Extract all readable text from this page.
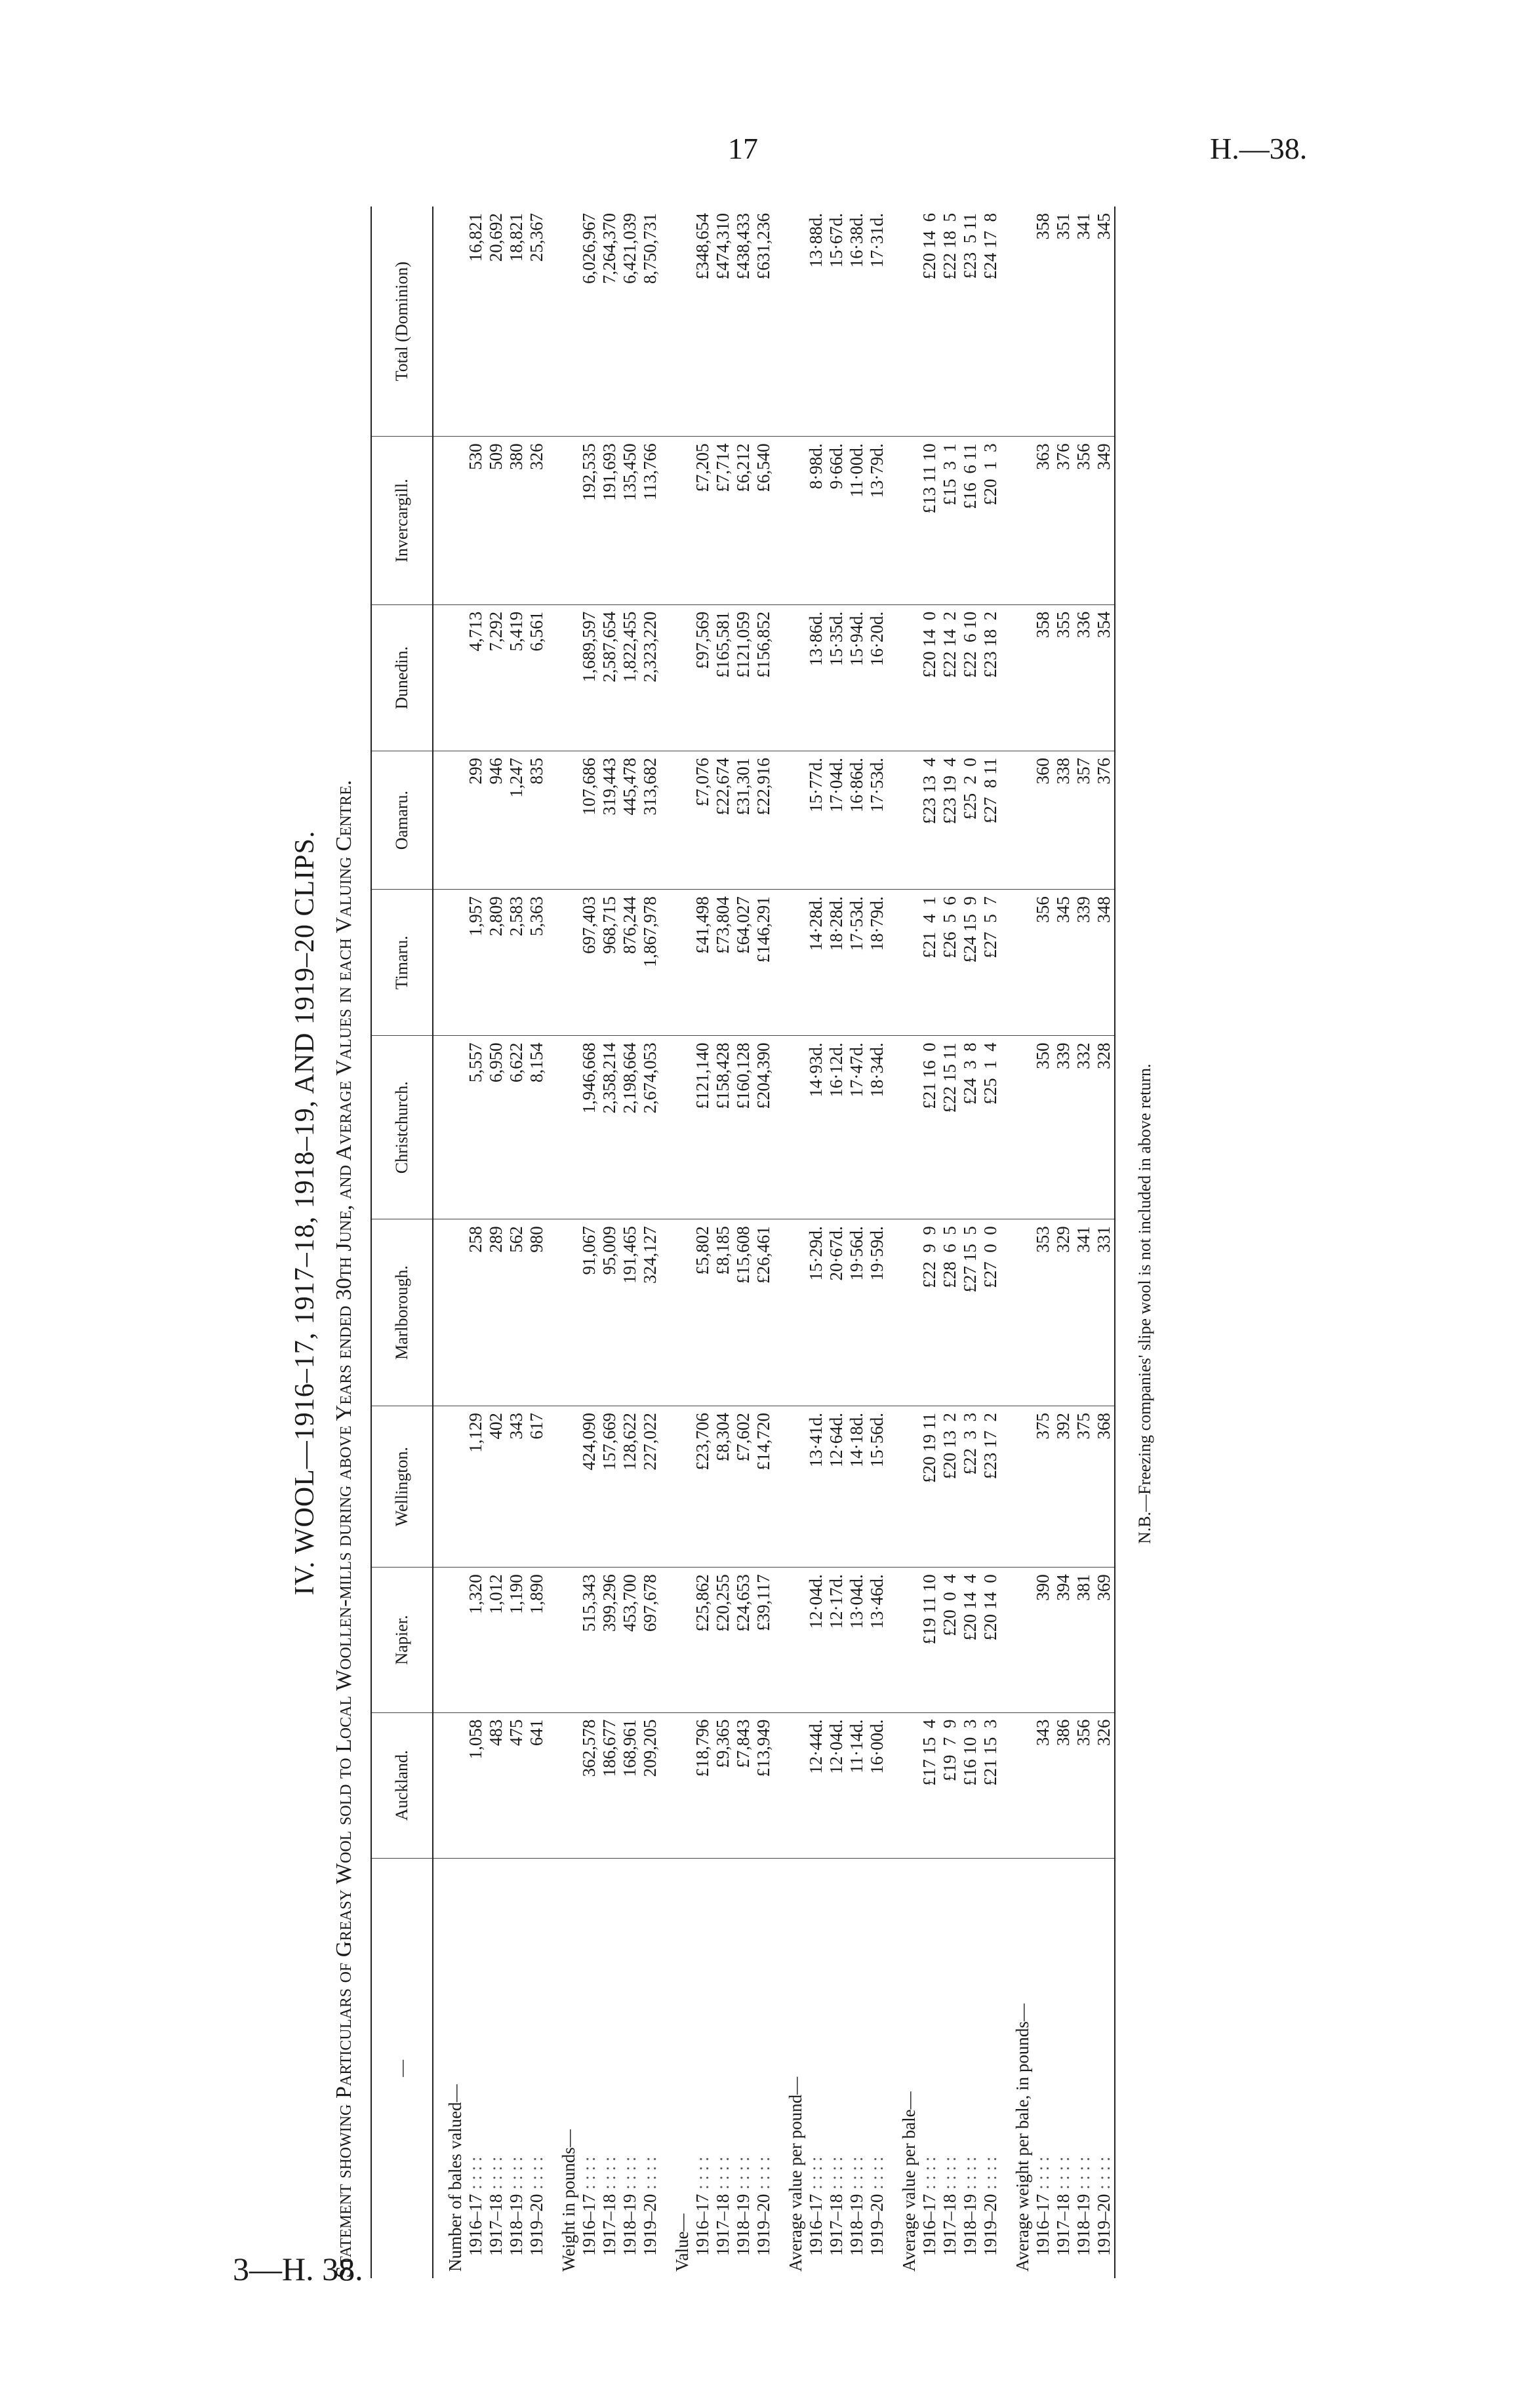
17	H.—38.
IV. WOOL—1916–17, 1917–18, 1918–19, AND 1919–20 CLIPS. Statement showing Particulars of Greasy Wool sold to Local Woollen-mills during above Years ended 30th June, and Average Values in each Valuing Centre.	—	Auckland.	Napier.	Wellington.	Marlborough.	Christchurch.	Timaru.	Oamaru.	Dunedin.	Invercargill.	Total (Dominion)
Number of bales valued—										
1916–17 : : : :	1,058	1,320	1,129	258	5,557	1,957	299	4,713	530	16,821
1917–18 : : : :	483	1,012	402	289	6,950	2,809	946	7,292	509	20,692
1918–19 : : : :	475	1,190	343	562	6,622	2,583	1,247	5,419	380	18,821
1919–20 : : : :	641	1,890	617	980	8,154	5,363	835	6,561	326	25,367
Weight in pounds—										
1916–17 : : : :	362,578	515,343	424,090	91,067	1,946,668	697,403	107,686	1,689,597	192,535	6,026,967
1917–18 : : : :	186,677	399,296	157,669	95,009	2,358,214	968,715	319,443	2,587,654	191,693	7,264,370
1918–19 : : : :	168,961	453,700	128,622	191,465	2,198,664	876,244	445,478	1,822,455	135,450	6,421,039
1919–20 : : : :	209,205	697,678	227,022	324,127	2,674,053	1,867,978	313,682	2,323,220	113,766	8,750,731
Value—										
1916–17 : : : :	£18,796	£25,862	£23,706	£5,802	£121,140	£41,498	£7,076	£97,569	£7,205	£348,654
1917–18 : : : :	£9,365	£20,255	£8,304	£8,185	£158,428	£73,804	£22,674	£165,581	£7,714	£474,310
1918–19 : : : :	£7,843	£24,653	£7,602	£15,608	£160,128	£64,027	£31,301	£121,059	£6,212	£438,433
1919–20 : : : :	£13,949	£39,117	£14,720	£26,461	£204,390	£146,291	£22,916	£156,852	£6,540	£631,236
Average value per pound—										
1916–17 : : : :	12·44d.	12·04d.	13·41d.	15·29d.	14·93d.	14·28d.	15·77d.	13·86d.	8·98d.	13·88d.
1917–18 : : : :	12·04d.	12·17d.	12·64d.	20·67d.	16·12d.	18·28d.	17·04d.	15·35d.	9·66d.	15·67d.
1918–19 : : : :	11·14d.	13·04d.	14·18d.	19·56d.	17·47d.	17·53d.	16·86d.	15·94d.	11·00d.	16·38d.
1919–20 : : : :	16·00d.	13·46d.	15·56d.	19·59d.	18·34d.	18·79d.	17·53d.	16·20d.	13·79d.	17·31d.
Average value per bale—										
1916–17 : : : :	£17 15  4	£19 11 10	£20 19 11	£22  9  9	£21 16  0	£21  4  1	£23 13  4	£20 14  0	£13 11 10	£20 14  6
1917–18 : : : :	£19  7  9	£20  0  4	£20 13  2	£28  6  5	£22 15 11	£26  5  6	£23 19  4	£22 14  2	£15  3  1	£22 18  5
1918–19 : : : :	£16 10  3	£20 14  4	£22  3  3	£27 15  5	£24  3  8	£24 15  9	£25  2  0	£22  6 10	£16  6 11	£23  5 11
1919–20 : : : :	£21 15  3	£20 14  0	£23 17  2	£27  0  0	£25  1  4	£27  5  7	£27  8 11	£23 18  2	£20  1  3	£24 17  8
Average weight per bale, in pounds—										
1916–17 : : : :	343	390	375	353	350	356	360	358	363	358
1917–18 : : : :	386	394	392	329	339	345	338	355	376	351
1918–19 : : : :	356	381	375	341	332	339	357	336	356	341
1919–20 : : : :	326	369	368	331	328	348	376	354	349	345
N.B.—Freezing companies' slipe wool is not included in above return.
3—H. 38.
